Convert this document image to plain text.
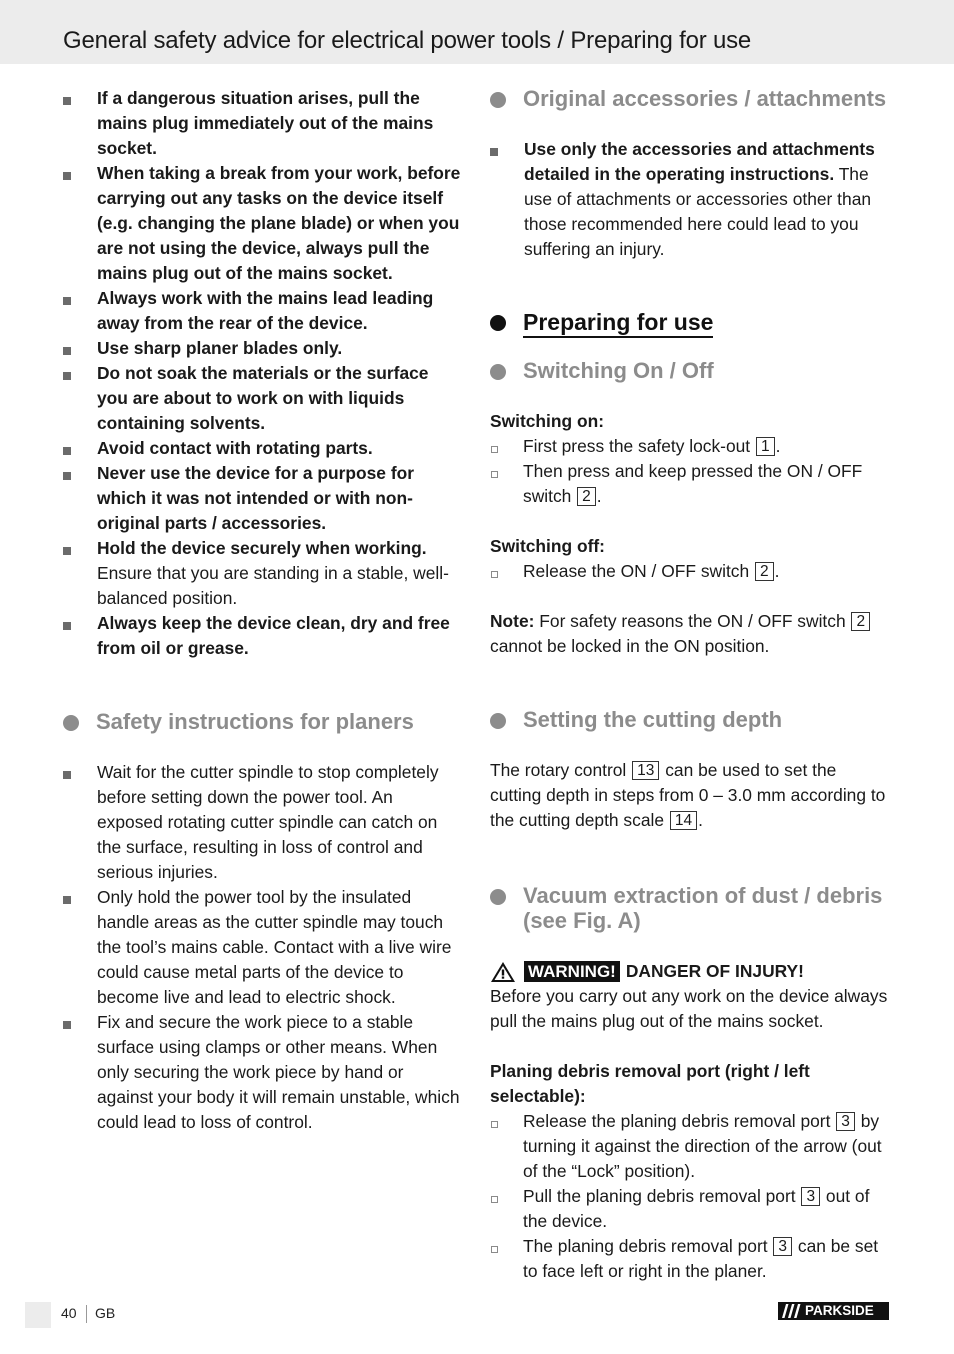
General safety advice for electrical power tools / Preparing for use
If a dangerous situation arises, pull the mains plug immediately out of the mains socket.
When taking a break from your work, before carrying out any tasks on the device itself (e.g. changing the plane blade) or when you are not using the device, always pull the mains plug out of the mains socket.
Always work with the mains lead leading away from the rear of the device.
Use sharp planer blades only.
Do not soak the materials or the surface you are about to work on with liquids containing solvents.
Avoid contact with rotating parts.
Never use the device for a purpose for which it was not intended or with non-original parts / accessories.
Hold the device securely when working. Ensure that you are standing in a stable, well-balanced position.
Always keep the device clean, dry and free from oil or grease.
Safety instructions for planers
Wait for the cutter spindle to stop completely before setting down the power tool. An exposed rotating cutter spindle can catch on the surface, resulting in loss of control and serious injuries.
Only hold the power tool by the insulated handle areas as the cutter spindle may touch the tool’s mains cable. Contact with a live wire could cause metal parts of the device to become live and lead to electric shock.
Fix and secure the work piece to a stable surface using clamps or other means. When only securing the work piece by hand or against your body it will remain unstable, which could lead to loss of control.
Original accessories / attachments
Use only the accessories and attachments detailed in the operating instructions. The use of attachments or accessories other than those recommended here could lead to you suffering an injury.
Preparing for use
Switching On / Off
Switching on:
First press the safety lock-out 1 .
Then press and keep pressed the ON / OFF switch 2 .
Switching off:
Release the ON / OFF switch 2 .
Note: For safety reasons the ON / OFF switch 2 cannot be locked in the ON position.
Setting the cutting depth
The rotary control 13 can be used to set the cutting depth in steps from 0 – 3.0 mm according to the cutting depth scale 14 .
Vacuum extraction of dust / debris (see Fig. A)
WARNING! DANGER OF INJURY!
Before you carry out any work on the device always pull the mains plug out of the mains socket.
Planing debris removal port (right / left selectable):
Release the planing debris removal port 3 by turning it against the direction of the arrow (out of the “Lock” position).
Pull the planing debris removal port 3 out of the device.
The planing debris removal port 3 can be set to face left or right in the planer.
40 GB	PARKSIDE
